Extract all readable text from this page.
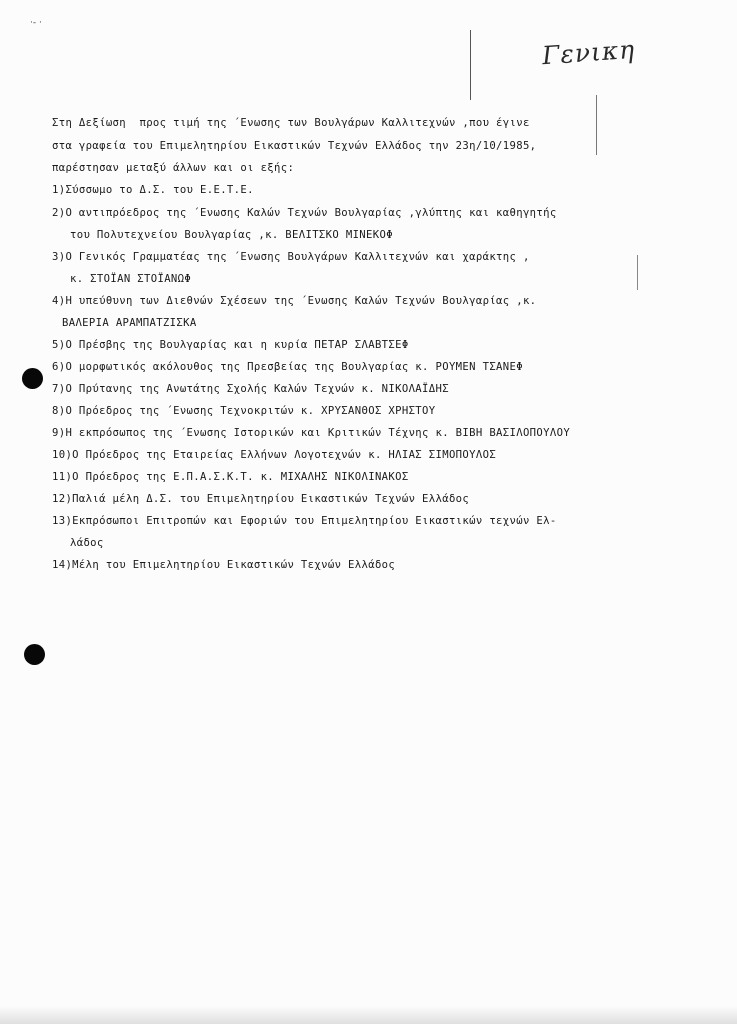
·- ·
Γενικη
Στη Δεξίωση  προς τιμή της ΄Ενωσης των Βουλγάρων Καλλιτεχνών ,που έγινε
στα γραφεία του Επιμελητηρίου Εικαστικών Τεχνών Ελλάδος την 23η/10/1985,
παρέστησαν μεταξύ άλλων και οι εξής:
1)Σύσσωμο το Δ.Σ. του Ε.Ε.Τ.Ε.
2)Ο αντιπρόεδρος της ΄Ενωσης Καλών Τεχνών Βουλγαρίας ,γλύπτης και καθηγητής
του Πολυτεχνείου Βουλγαρίας ,κ. ΒΕΛΙΤΣΚΟ ΜΙΝΕΚΟΦ
3)Ο Γενικός Γραμματέας της ΄Ενωσης Βουλγάρων Καλλιτεχνών και χαράκτης ,
κ. ΣΤΟΪΑΝ ΣΤΟΪΑΝΩΦ
4)Η υπεύθυνη των Διεθνών Σχέσεων της ΄Ενωσης Καλών Τεχνών Βουλγαρίας ,κ.
ΒΑΛΕΡΙΑ ΑΡΑΜΠΑΤΖΙΣΚΑ
5)Ο Πρέσβης της Βουλγαρίας και η κυρία ΠΕΤΑΡ ΣΛΑΒΤΣΕΦ
6)Ο μορφωτικός ακόλουθος της Πρεσβείας της Βουλγαρίας κ. ΡΟΥΜΕΝ ΤΣΑΝΕΦ
7)Ο Πρύτανης της Ανωτάτης Σχολής Καλών Τεχνών κ. ΝΙΚΟΛΑΪΔΗΣ
8)Ο Πρόεδρος της ΄Ενωσης Τεχνοκριτών κ. ΧΡΥΣΑΝΘΟΣ ΧΡΗΣΤΟΥ
9)Η εκπρόσωπος της ΄Ενωσης Ιστορικών και Κριτικών Τέχνης κ. ΒΙΒΗ ΒΑΣΙΛΟΠΟΥΛΟΥ
10)Ο Πρόεδρος της Εταιρείας Ελλήνων Λογοτεχνών κ. ΗΛΙΑΣ ΣΙΜΟΠΟΥΛΟΣ
11)Ο Πρόεδρος της Ε.Π.Α.Σ.Κ.Τ. κ. ΜΙΧΑΛΗΣ ΝΙΚΟΛΙΝΑΚΟΣ
12)Παλιά μέλη Δ.Σ. του Επιμελητηρίου Εικαστικών Τεχνών Ελλάδος
13)Εκπρόσωποι Επιτροπών και Εφοριών του Επιμελητηρίου Εικαστικών τεχνών Ελ-
λάδος
14)Μέλη του Επιμελητηρίου Εικαστικών Τεχνών Ελλάδος
